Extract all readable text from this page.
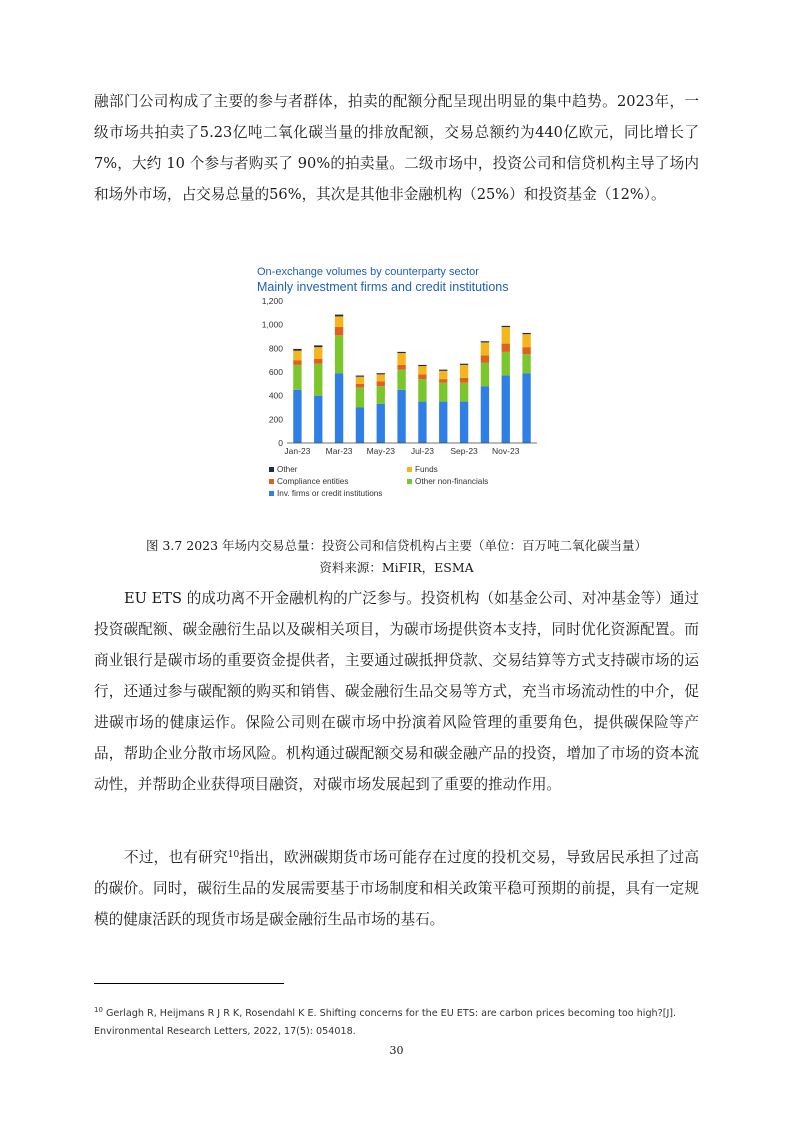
融部门公司构成了主要的参与者群体，拍卖的配额分配呈现出明显的集中趋势。2023年，一级市场共拍卖了5.23亿吨二氧化碳当量的排放配额，交易总额约为440亿欧元，同比增长了 7%，大约 10 个参与者购买了 90%的拍卖量。二级市场中，投资公司和信贷机构主导了场内和场外市场，占交易总量的56%，其次是其他非金融机构（25%）和投资基金（12%）。

On-exchange volumes by counterparty sector
Mainly investment firms and credit institutions
0
200
400
600
800
1,000
1,200
Jan-23 Mar-23 May-23 Jul-23 Sep-23 Nov-23
Other	Funds
Compliance entities	Other non-financials
Inv. firms or credit institutions
图 3.7 2023 年场内交易总量：投资公司和信贷机构占主要（单位：百万吨二氧化碳当量）
资料来源：MiFIR，ESMA

EU ETS 的成功离不开金融机构的广泛参与。投资机构（如基金公司、对冲基金等）通过投资碳配额、碳金融衍生品以及碳相关项目，为碳市场提供资本支持，同时优化资源配置。而商业银行是碳市场的重要资金提供者，主要通过碳抵押贷款、交易结算等方式支持碳市场的运行，还通过参与碳配额的购买和销售、碳金融衍生品交易等方式，充当市场流动性的中介，促进碳市场的健康运作。保险公司则在碳市场中扮演着风险管理的重要角色，提供碳保险等产品，帮助企业分散市场风险。机构通过碳配额交易和碳金融产品的投资，增加了市场的资本流动性，并帮助企业获得项目融资，对碳市场发展起到了重要的推动作用。

不过，也有研究$^{10}$指出，欧洲碳期货市场可能存在过度的投机交易，导致居民承担了过高的碳价。同时，碳衍生品的发展需要基于市场制度和相关政策平稳可预期的前提，具有一定规模的健康活跃的现货市场是碳金融衍生品市场的基石。

$^{10}$ Gerlagh R, Heijmans R J R K, Rosendahl K E. Shifting concerns for the EU ETS: are carbon prices becoming too high?[J]. Environmental Research Letters, 2022, 17(5): 054018.

30
